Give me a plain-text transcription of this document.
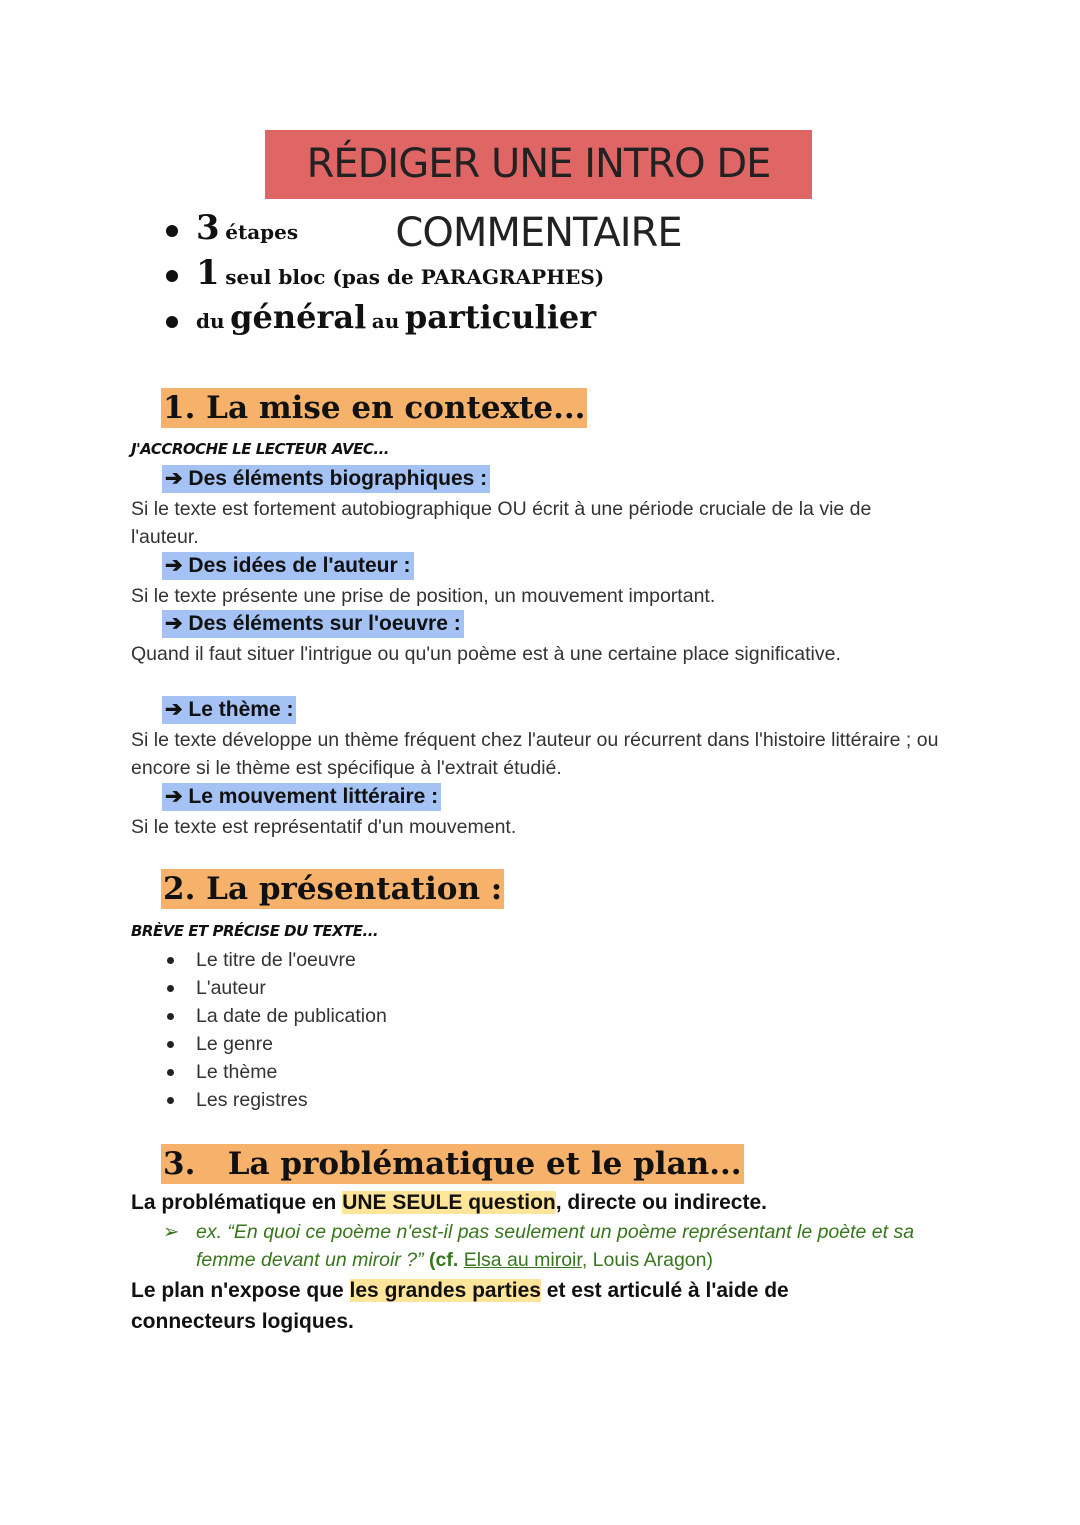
RÉDIGER UNE INTRO DE COMMENTAIRE
3 étapes
1 seul bloc (pas de PARAGRAPHES)
du général au particulier
1. La mise en contexte...
J'ACCROCHE LE LECTEUR AVEC...
➔ Des éléments biographiques :
Si le texte est fortement autobiographique OU écrit à une période cruciale de la vie de l'auteur.
➔ Des idées de l'auteur :
Si le texte présente une prise de position, un mouvement important.
➔ Des éléments sur l'oeuvre :
Quand il faut situer l'intrigue ou qu'un poème est à une certaine place significative.
➔ Le thème :
Si le texte développe un thème fréquent chez l'auteur ou récurrent dans l'histoire littéraire ; ou encore si le thème est spécifique à l'extrait étudié.
➔ Le mouvement littéraire :
Si le texte est représentatif d'un mouvement.
2. La présentation :
BRÈVE ET PRÉCISE DU TEXTE...
Le titre de l'oeuvre
L'auteur
La date de publication
Le genre
Le thème
Les registres
3.   La problématique et le plan...
La problématique en UNE SEULE question, directe ou indirecte.
➢ ex. “En quoi ce poème n'est-il pas seulement un poème représentant le poète et sa femme devant un miroir ?” (cf. Elsa au miroir, Louis Aragon)
Le plan n'expose que les grandes parties et est articulé à l'aide de connecteurs logiques.
